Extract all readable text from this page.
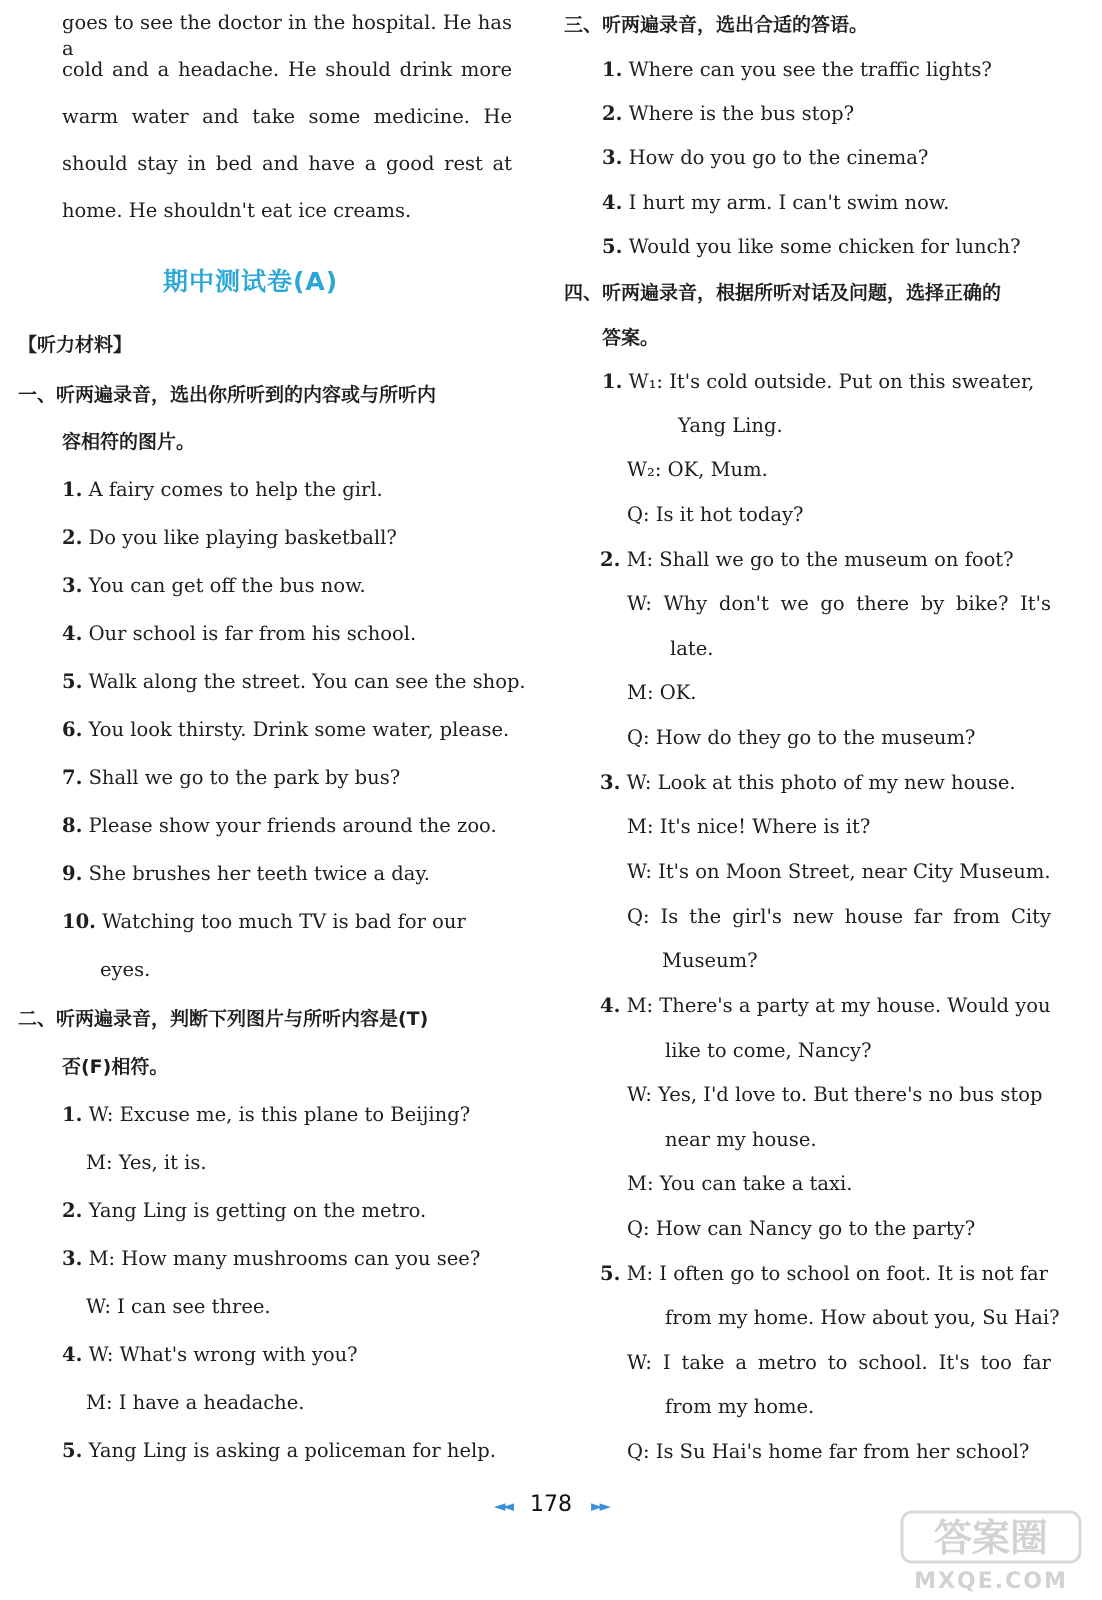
goes to see the doctor in the hospital. He has a
cold and a headache. He should drink more
warm water and take some medicine. He
should stay in bed and have a good rest at
home. He shouldn't eat ice creams.
期中测试卷(A)
【听力材料】
一、听两遍录音，选出你所听到的内容或与所听内
容相符的图片。
1. A fairy comes to help the girl.
2. Do you like playing basketball?
3. You can get off the bus now.
4. Our school is far from his school.
5. Walk along the street. You can see the shop.
6. You look thirsty. Drink some water, please.
7. Shall we go to the park by bus?
8. Please show your friends around the zoo.
9. She brushes her teeth twice a day.
10. Watching too much TV is bad for our
eyes.
二、听两遍录音，判断下列图片与所听内容是(T)
否(F)相符。
1. W: Excuse me, is this plane to Beijing?
M: Yes, it is.
2. Yang Ling is getting on the metro.
3. M: How many mushrooms can you see?
W: I can see three.
4. W: What's wrong with you?
M: I have a headache.
5. Yang Ling is asking a policeman for help.
三、听两遍录音，选出合适的答语。
1. Where can you see the traffic lights?
2. Where is the bus stop?
3. How do you go to the cinema?
4. I hurt my arm. I can't swim now.
5. Would you like some chicken for lunch?
四、听两遍录音，根据所听对话及问题，选择正确的
答案。
1. W₁: It's cold outside. Put on this sweater,
Yang Ling.
W₂: OK, Mum.
Q: Is it hot today?
2. M: Shall we go to the museum on foot?
W: Why don't we go there by bike? It's
late.
M: OK.
Q: How do they go to the museum?
3. W: Look at this photo of my new house.
M: It's nice! Where is it?
W: It's on Moon Street, near City Museum.
Q: Is the girl's new house far from City
Museum?
4. M: There's a party at my house. Would you
like to come, Nancy?
W: Yes, I'd love to. But there's no bus stop
near my house.
M: You can take a taxi.
Q: How can Nancy go to the party?
5. M: I often go to school on foot. It is not far
from my home. How about you, Su Hai?
W: I take a metro to school. It's too far
from my home.
Q: Is Su Hai's home far from her school?
◄◄ 178 ►►
答案圈
MXQE.COM
